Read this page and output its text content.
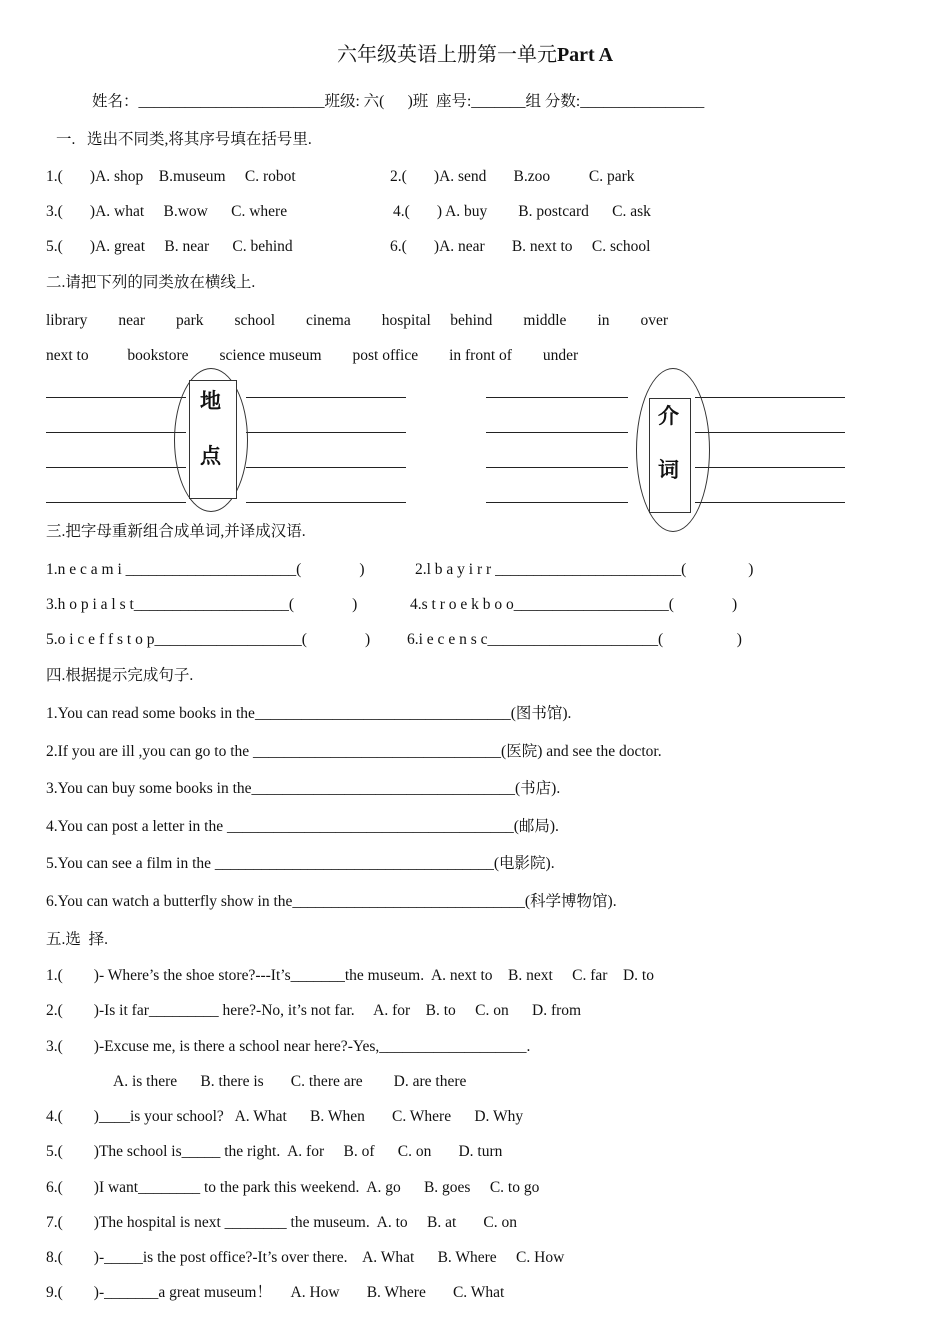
六年级英语上册第一单元Part A
姓名：________________________班级: 六(      )班  座号:_______组 分数:________________
一.   选出不同类,将其序号填在括号里.
1.(       )A. shop    B.museum     C. robot	2.(       )A. send       B.zoo          C. park
3.(       )A. what     B.wow      C. where	4.(       ) A. buy        B. postcard      C. ask
5.(       )A. great     B. near      C. behind	6.(       )A. near       B. next to     C. school
二.请把下列的同类放在横线上.
library        near        park        school        cinema        hospital     behind        middle        in        over
next to          bookstore        science museum        post office        in front of        under
地
点
介
词
三.把字母重新组合成单词,并译成汉语.
1.n e c a m i ______________________(               )	2.l b a y i r r ________________________(                )
3.h o p i a l s t____________________(               )	4.s t r o e k b o o____________________(               )
5.o i c e f f s t o p___________________(               ) 6.i e c e n s c______________________(                   )
四.根据提示完成句子.
1.You can read some books in the_________________________________(图书馆).
2.If you are ill ,you can go to the ________________________________(医院) and see the doctor.
3.You can buy some books in the__________________________________(书店).
4.You can post a letter in the _____________________________________(邮局).
5.You can see a film in the ____________________________________(电影院).
6.You can watch a butterfly show in the______________________________(科学博物馆).
五.选  择.
1.(        )- Where’s the shoe store?---It’s_______the museum.  A. next to    B. next     C. far    D. to
2.(        )-Is it far_________ here?-No, it’s not far.     A. for    B. to     C. on      D. from
3.(        )-Excuse me, is there a school near here?-Yes,___________________.
A. is there      B. there is       C. there are        D. are there
4.(        )____is your school?   A. What      B. When       C. Where      D. Why
5.(        )The school is_____ the right.  A. for     B. of      C. on       D. turn
6.(        )I want________ to the park this weekend.  A. go      B. goes     C. to go
7.(        )The hospital is next ________ the museum.  A. to     B. at       C. on
8.(        )-_____is the post office?-It’s over there.    A. What      B. Where     C. How
9.(        )-_______a great museum！     A. How       B. Where       C. What
